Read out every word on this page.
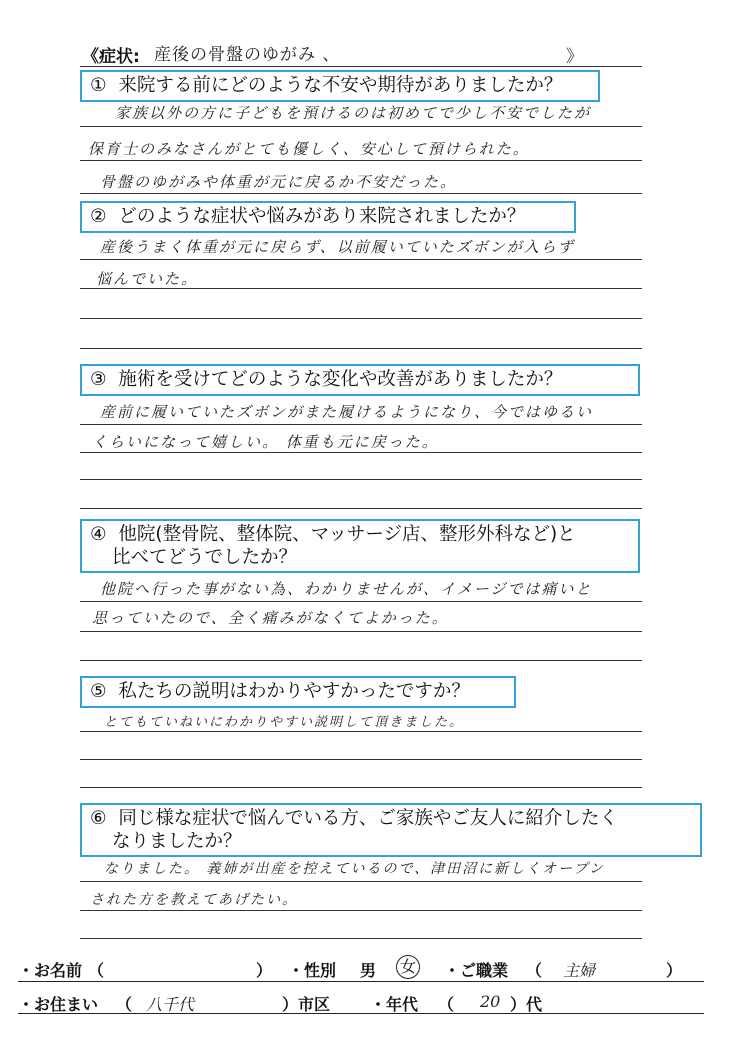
《症状: 産後の骨盤のゆがみ 、	》
① 来院する前にどのような不安や期待がありましたか？
家族以外の方に子どもを預けるのは初めてで少し不安でしたが
保育士のみなさんがとても優しく、安心して預けられた。
骨盤のゆがみや体重が元に戻るか不安だった。
② どのような症状や悩みがあり来院されましたか？
産後うまく体重が元に戻らず、以前履いていたズボンが入らず
悩んでいた。
③ 施術を受けてどのような変化や改善がありましたか？
産前に履いていたズボンがまた履けるようになり、今ではゆるい
くらいになって嬉しい。 体重も元に戻った。
④ 他院(整骨院、整体院、マッサージ店、整形外科など)と
比べてどうでしたか？
他院へ行った事がない為、わかりませんが、イメージでは痛いと
思っていたので、全く痛みがなくてよかった。
⑤ 私たちの説明はわかりやすかったですか？
とてもていねいにわかりやすい説明して頂きました。
⑥ 同じ様な症状で悩んでいる方、ご家族やご友人に紹介したく
なりましたか？
なりました。 義姉が出産を控えているので、津田沼に新しくオープン
された方を教えてあげたい。
・お名前 （	） ・性別 男 女 ・ご職業 （ 主婦	）
・お住まい （ 八千代	）市区 ・年代 （ 20 ）代
